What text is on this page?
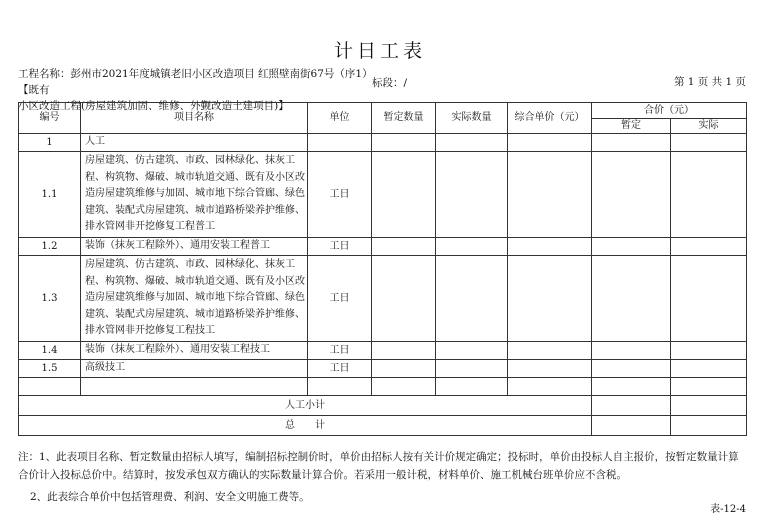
计日工表
工程名称：彭州市2021年度城镇老旧小区改造项目 红照壁南街67号（序1）【既有
小区改造工程(房屋建筑加固、维修、外觐改造土建项目)】
标段：/	第 1 页 共 1 页
编号	项目名称	单位	暂定数量	实际数量	综合单价（元）	合价（元）	
						暂定	实际
1	人工						
1.1	房屋建筑、仿古建筑、市政、园林绿化、抹灰工程、构筑物、爆破、城市轨道交通、既有及小区改造房屋建筑维修与加固、城市地下综合管廊、绿色建筑、装配式房屋建筑、城市道路桥梁养护维修、排水管网非开挖修复工程普工	工日					
1.2	装饰（抹灰工程除外）、通用安装工程普工	工日					
1.3	房屋建筑、仿古建筑、市政、园林绿化、抹灰工程、构筑物、爆破、城市轨道交通、既有及小区改造房屋建筑维修与加固、城市地下综合管廊、绿色建筑、装配式房屋建筑、城市道路桥梁养护维修、排水管网非开挖修复工程技工	工日					
1.4	装饰（抹灰工程除外）、通用安装工程技工	工日					
1.5	高级技工	工日					

人工小计							
总　　计							
注：1、此表项目名称、暂定数量由招标人填写，编制招标控制价时，单价由招标人按有关计价规定确定；投标时，单价由投标人自主报价，按暂定数量计算合价计入投标总价中。结算时，按发承包双方确认的实际数量计算合价。若采用一般计税，材料单价、施工机械台班单价应不含税。
2、此表综合单价中包括管理费、利润、安全文明施工费等。
表-12-4
